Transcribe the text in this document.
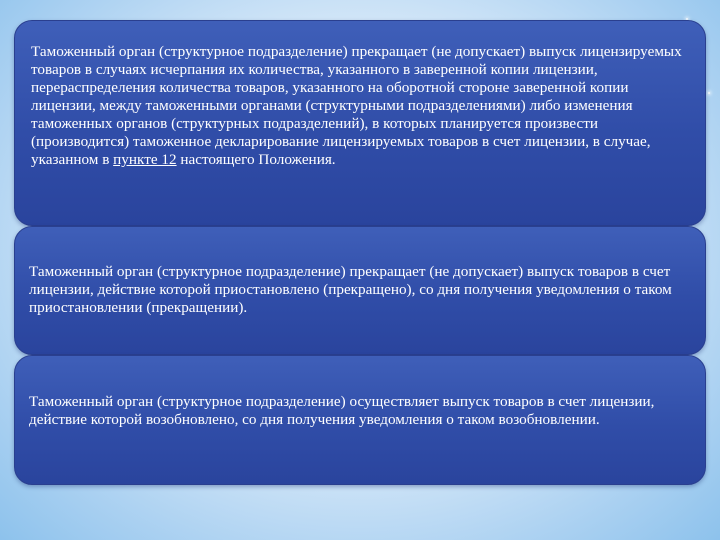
Таможенный орган (структурное подразделение) прекращает (не допускает) выпуск лицензируемых товаров в случаях исчерпания их количества, указанного в заверенной копии лицензии, перераспределения количества товаров, указанного на оборотной стороне заверенной копии лицензии, между таможенными органами (структурными подразделениями) либо изменения таможенных органов (структурных подразделений), в которых планируется произвести (производится) таможенное декларирование лицензируемых товаров в счет лицензии, в случае, указанном в пункте 12 настоящего Положения.

Таможенный орган (структурное подразделение) прекращает (не допускает) выпуск товаров в счет лицензии, действие которой приостановлено (прекращено), со дня получения уведомления о таком приостановлении (прекращении).

Таможенный орган (структурное подразделение) осуществляет выпуск товаров в счет лицензии, действие которой возобновлено, со дня получения уведомления о таком возобновлении.
